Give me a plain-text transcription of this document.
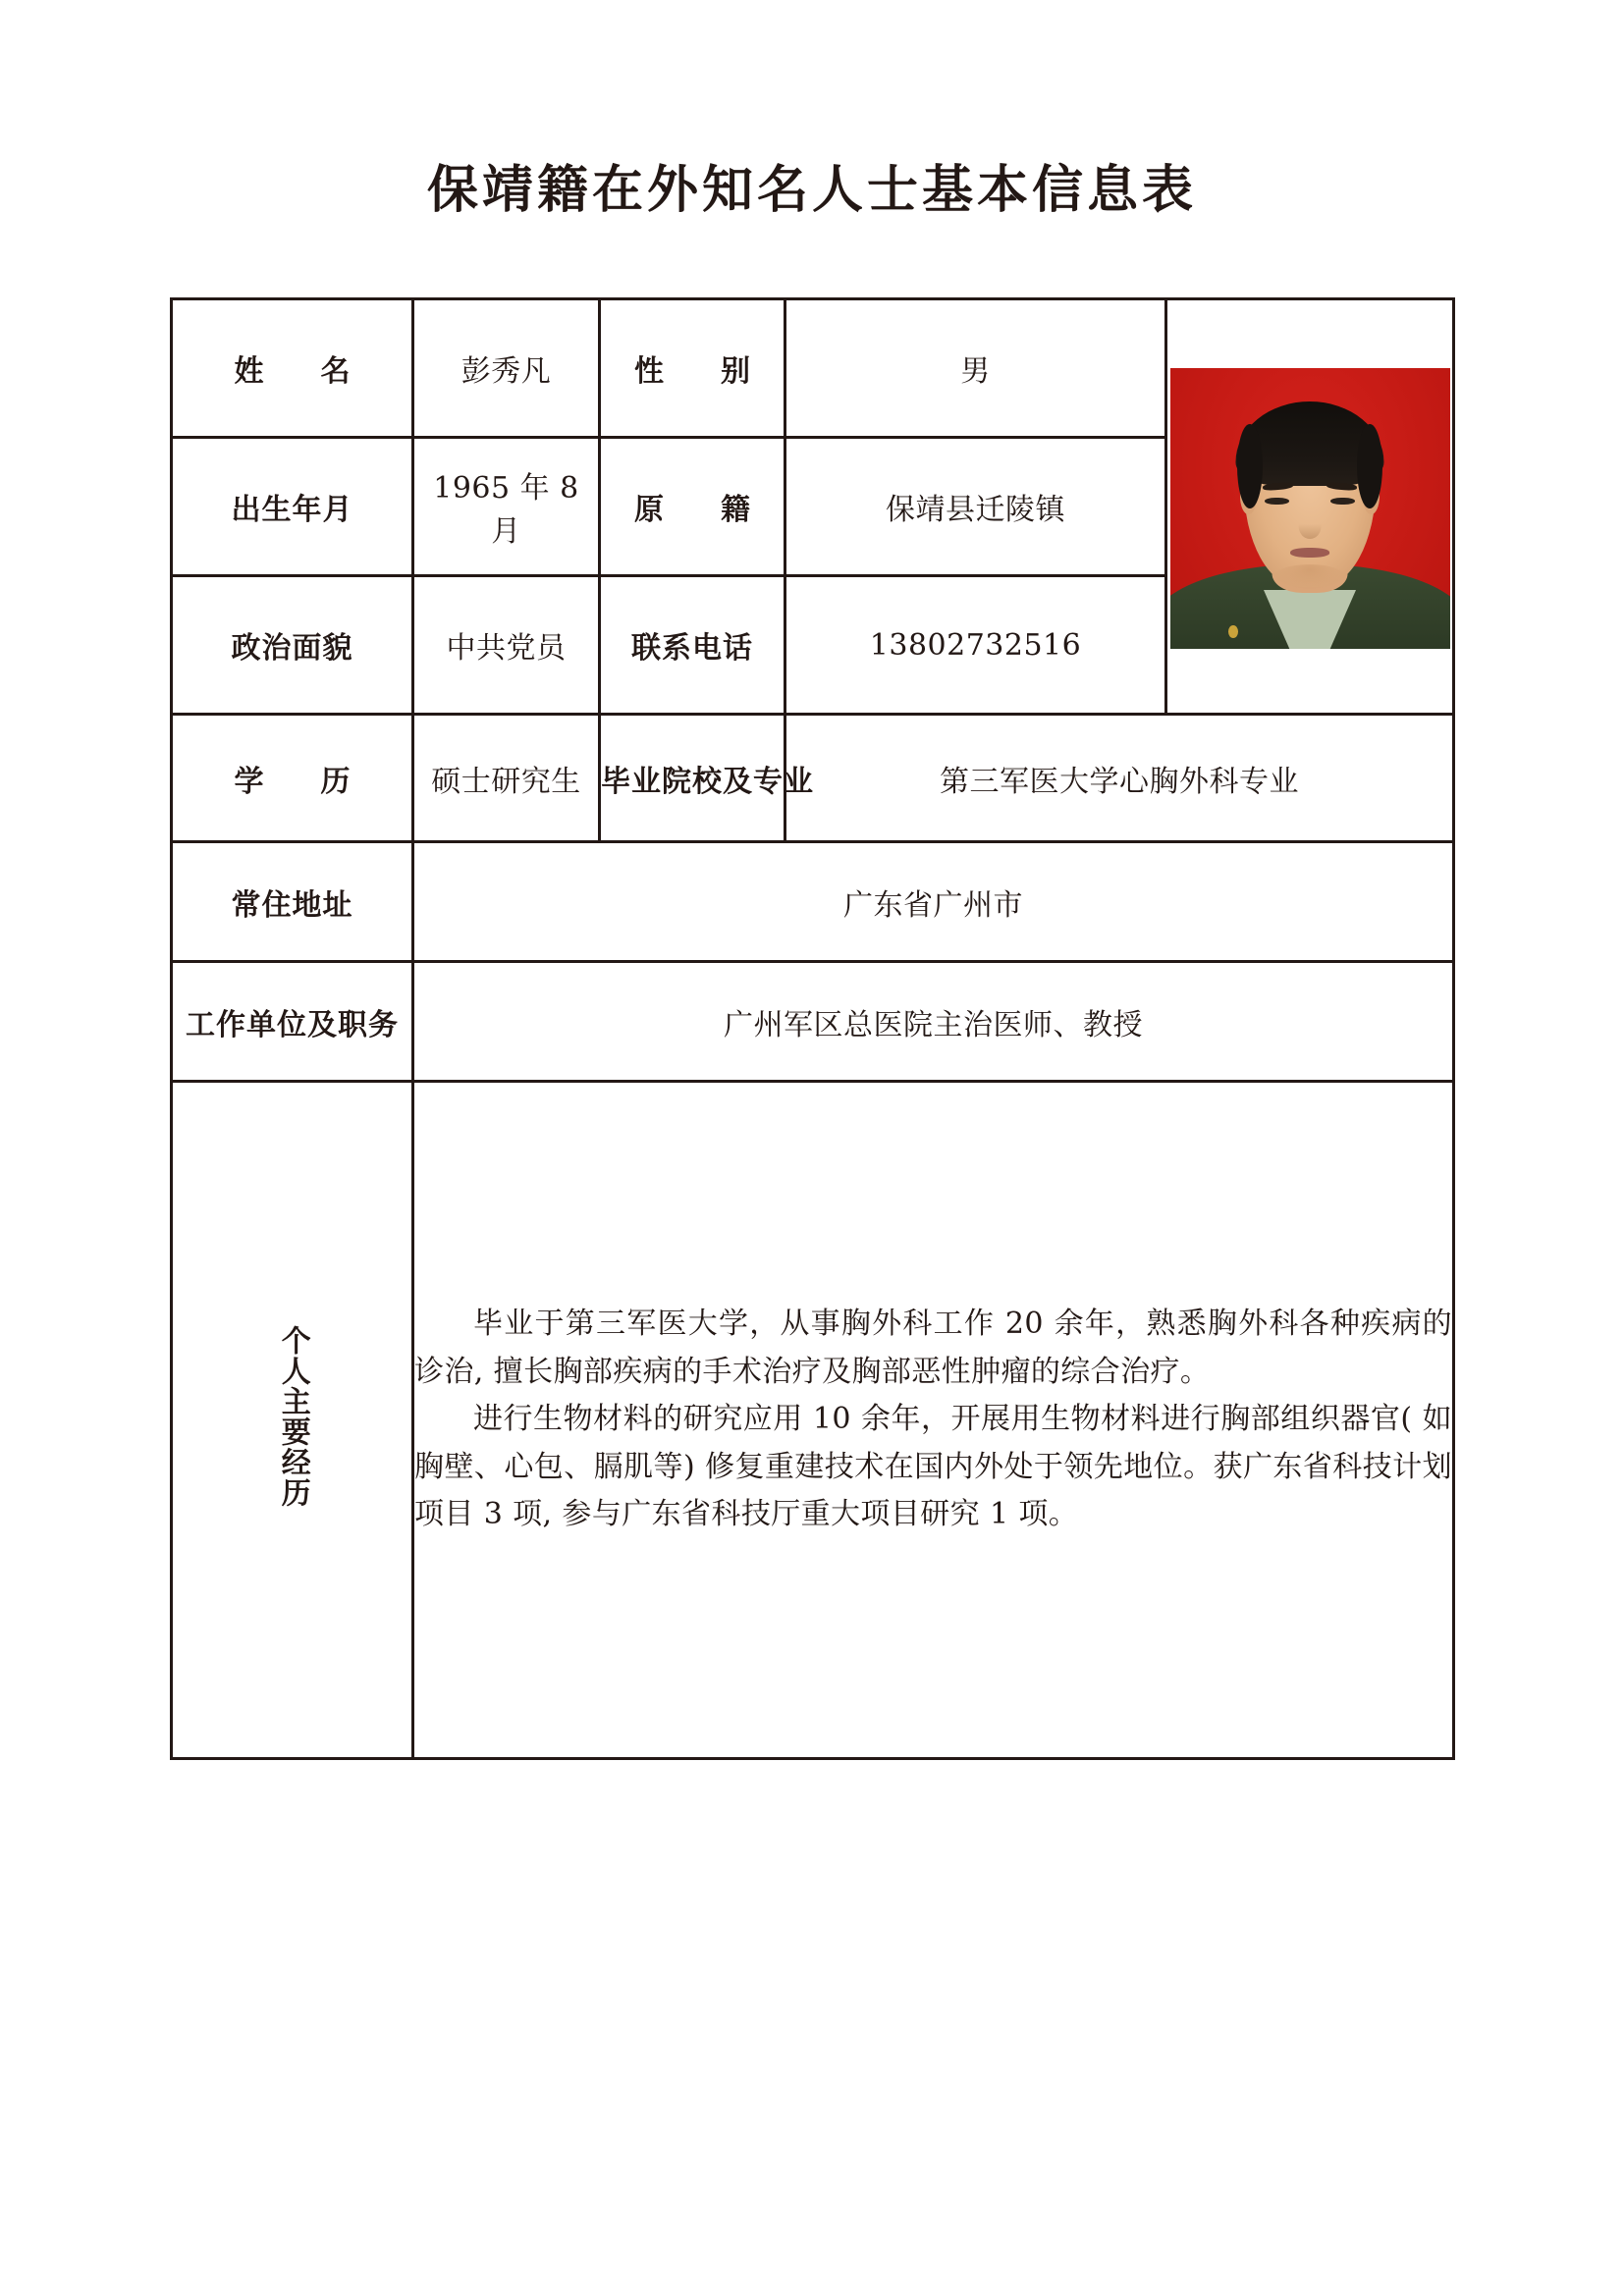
保靖籍在外知名人士基本信息表
姓　名	彭秀凡	性　别	男	

出生年月	1965 年 8 月	原　籍	保靖县迁陵镇	
政治面貌	中共党员	联系电话	13802732516	
学　历	硕士研究生	毕业院校及专业	第三军医大学心胸外科专业	
常住地址	广东省广州市			
工作单位及职务	广州军区总医院主治医师、教授			
个人主要经历	毕业于第三军医大学，从事胸外科工作 20 余年，熟悉胸外科各种疾病的诊治, 擅长胸部疾病的手术治疗及胸部恶性肿瘤的综合治疗。

进行生物材料的研究应用 10 余年，开展用生物材料进行胸部组织器官( 如胸壁、心包、膈肌等) 修复重建技术在国内外处于领先地位。获广东省科技计划项目 3 项, 参与广东省科技厅重大项目研究 1 项。			
